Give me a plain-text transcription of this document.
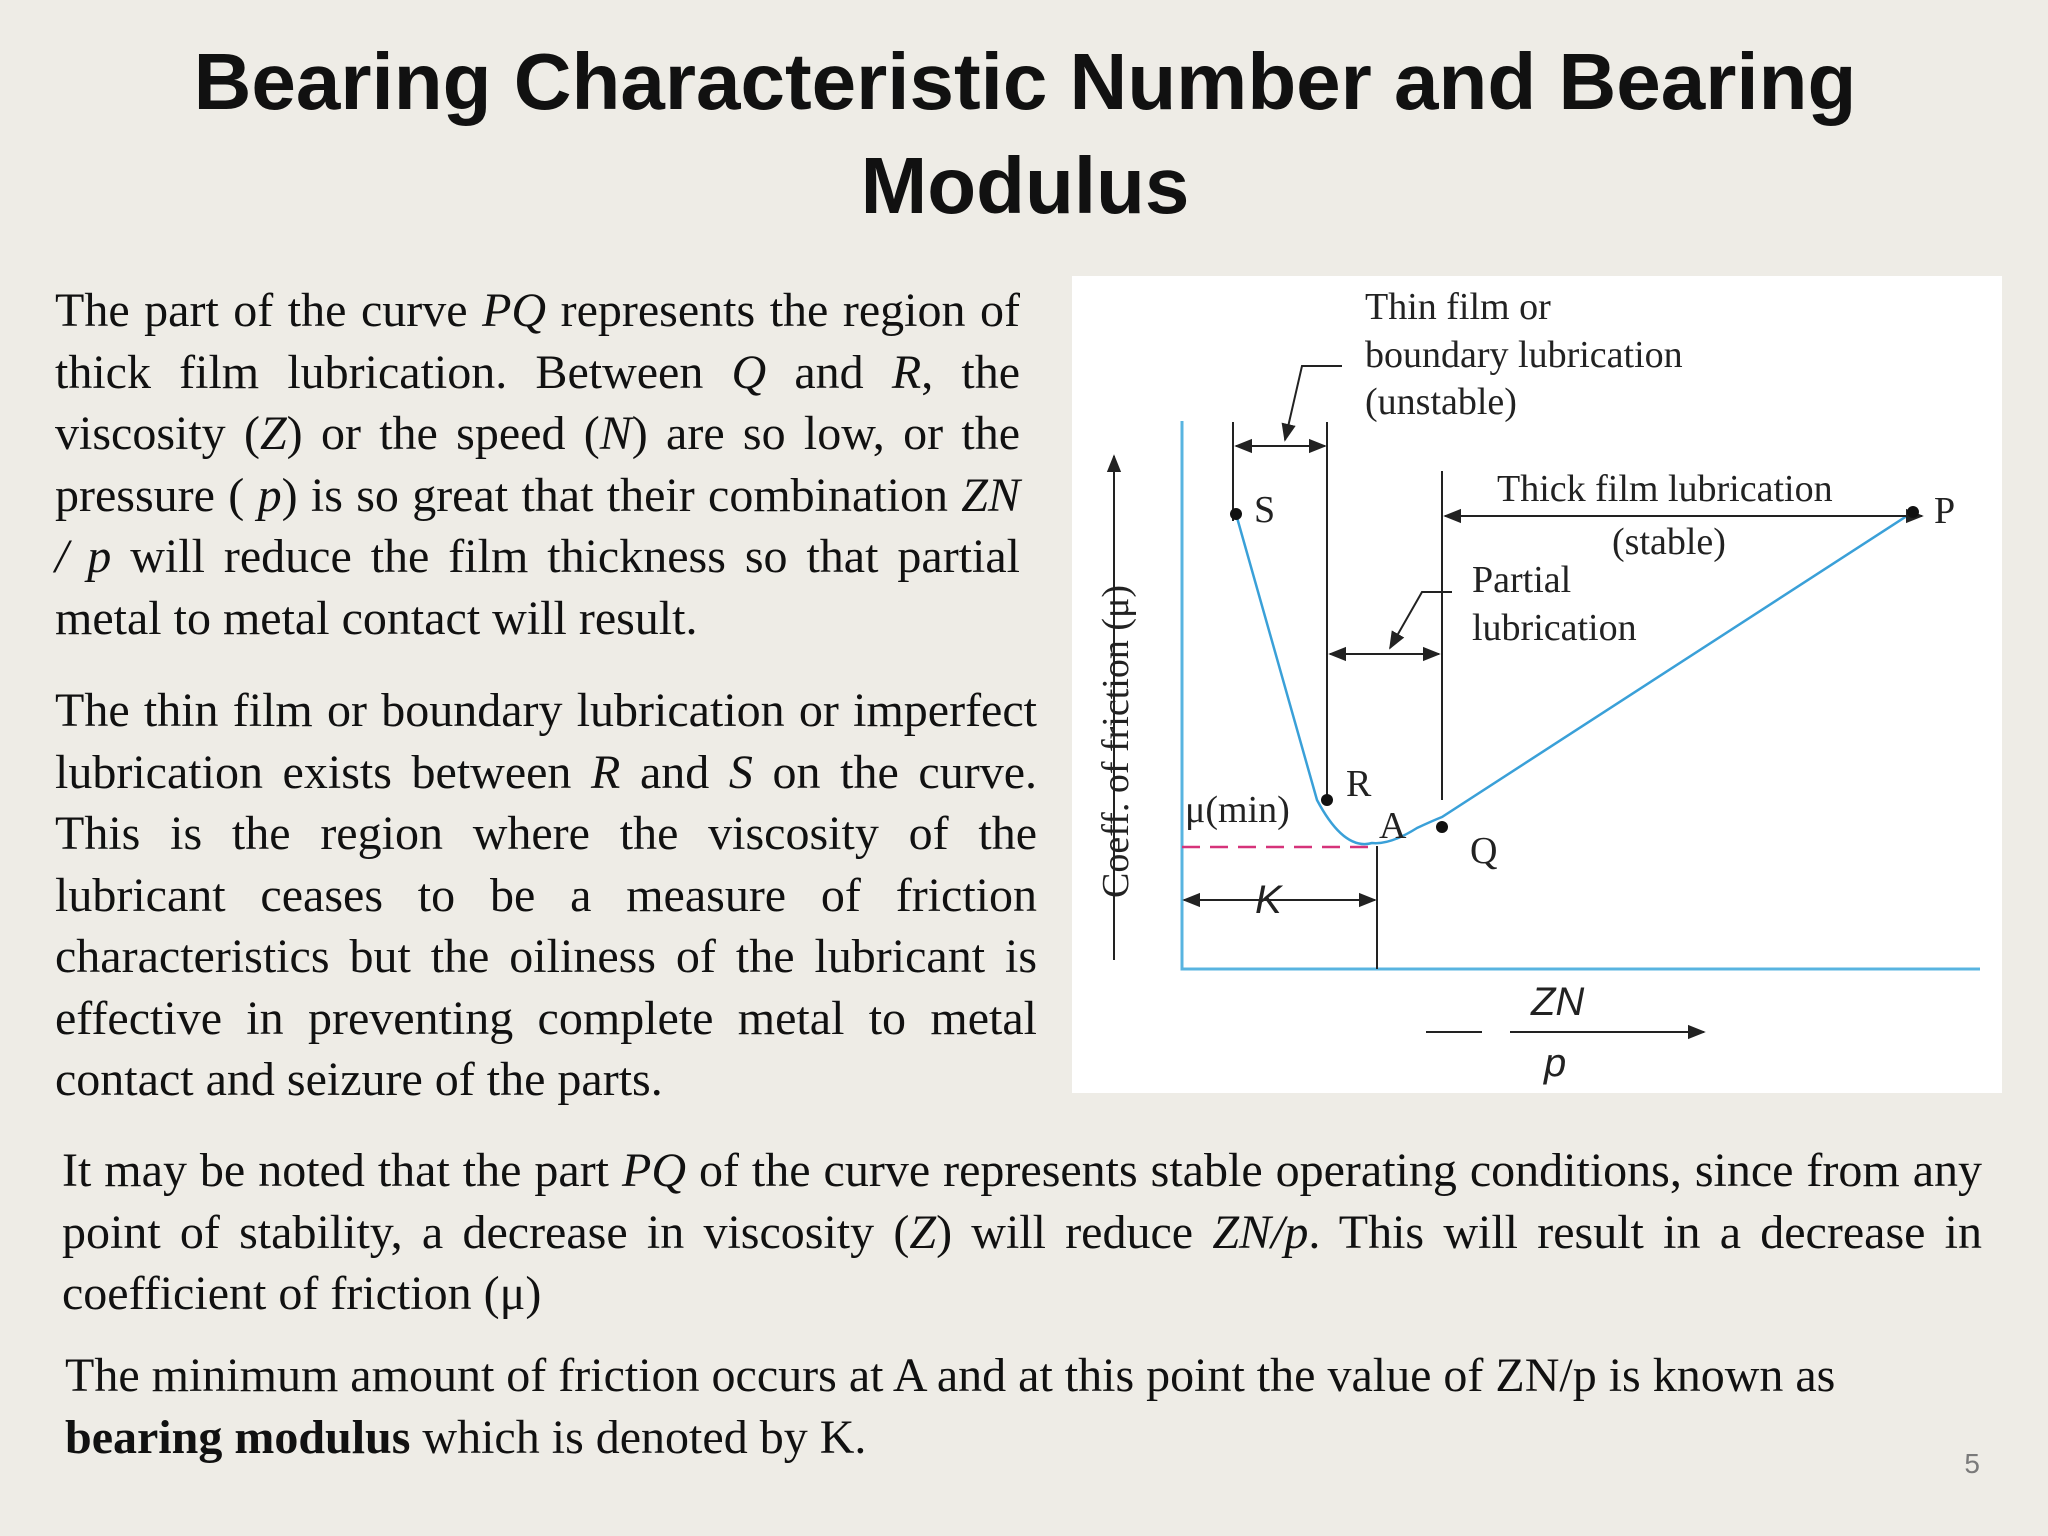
Bearing Characteristic Number and Bearing Modulus

The part of the curve PQ represents the region of thick film lubrication. Between Q and R, the viscosity (Z) or the speed (N) are so low, or the pressure ( p) is so great that their combination ZN / p will reduce the film thickness so that partial metal to metal contact will result.

The thin film or boundary lubrication or imperfect lubrication exists between R and S on the curve. This is the region where the viscosity of the lubricant ceases to be a measure of friction characteristics but the oiliness of the lubricant is effective in preventing complete metal to metal contact and seizure of the parts.

Thin film or
boundary lubrication
(unstable)
Thick film lubrication
(stable)
Partial
lubrication
S
R
A
Q
P
μ(min)
K
ZN
p
Coeff. of friction (μ)

It may be noted that the part PQ of the curve represents stable operating conditions, since from any point of stability, a decrease in viscosity (Z) will reduce ZN/p. This will result in a decrease in coefficient of friction (μ)

The minimum amount of friction occurs at A and at this point the value of ZN/p is known as bearing modulus which is denoted by K.	5
